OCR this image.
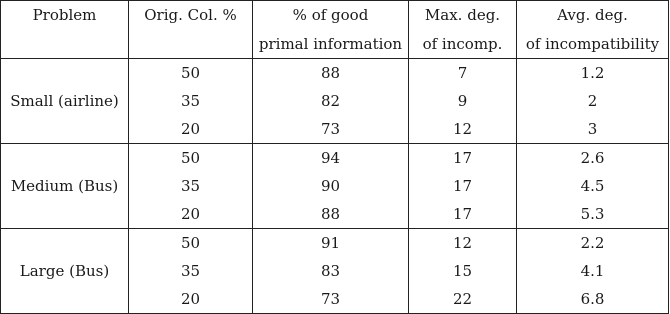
Problem	Orig. Col. %	% of good	Max. deg.	Avg. deg.
		primal information	of incomp.	of incompatibility
Small (airline)	50	88	7	1.2
	35	82	9	2
	20	73	12	3
Medium (Bus)	50	94	17	2.6
	35	90	17	4.5
	20	88	17	5.3
Large (Bus)	50	91	12	2.2
	35	83	15	4.1
	20	73	22	6.8
